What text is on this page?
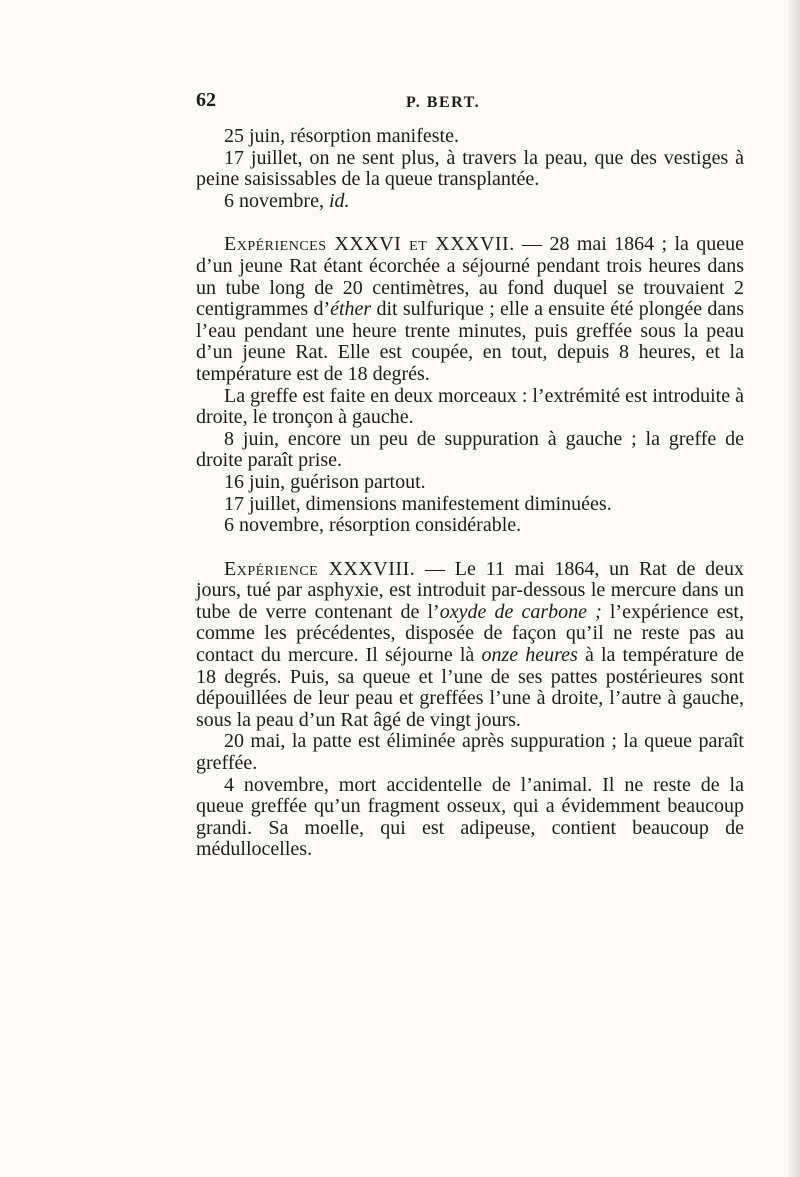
62	P. BERT.

25 juin, résorption manifeste.

17 juillet, on ne sent plus, à travers la peau, que des vestiges à peine saisissables de la queue transplantée.

6 novembre, id.

Expériences XXXVI et XXXVII. — 28 mai 1864 ; la queue d’un jeune Rat étant écorchée a séjourné pendant trois heures dans un tube long de 20 centimètres, au fond duquel se trouvaient 2 centigrammes d’éther dit sulfurique ; elle a ensuite été plongée dans l’eau pendant une heure trente minutes, puis greffée sous la peau d’un jeune Rat. Elle est coupée, en tout, depuis 8 heures, et la température est de 18 degrés.

La greffe est faite en deux morceaux : l’extrémité est introduite à droite, le tronçon à gauche.

8 juin, encore un peu de suppuration à gauche ; la greffe de droite paraît prise.

16 juin, guérison partout.

17 juillet, dimensions manifestement diminuées.

6 novembre, résorption considérable.

Expérience XXXVIII. — Le 11 mai 1864, un Rat de deux jours, tué par asphyxie, est introduit par-dessous le mercure dans un tube de verre contenant de l’oxyde de carbone ; l’expérience est, comme les précédentes, disposée de façon qu’il ne reste pas au contact du mercure. Il séjourne là onze heures à la température de 18 degrés. Puis, sa queue et l’une de ses pattes postérieures sont dépouillées de leur peau et greffées l’une à droite, l’autre à gauche, sous la peau d’un Rat âgé de vingt jours.

20 mai, la patte est éliminée après suppuration ; la queue paraît greffée.

4 novembre, mort accidentelle de l’animal. Il ne reste de la queue greffée qu’un fragment osseux, qui a évidemment beaucoup grandi. Sa moelle, qui est adipeuse, contient beaucoup de médullocelles.
